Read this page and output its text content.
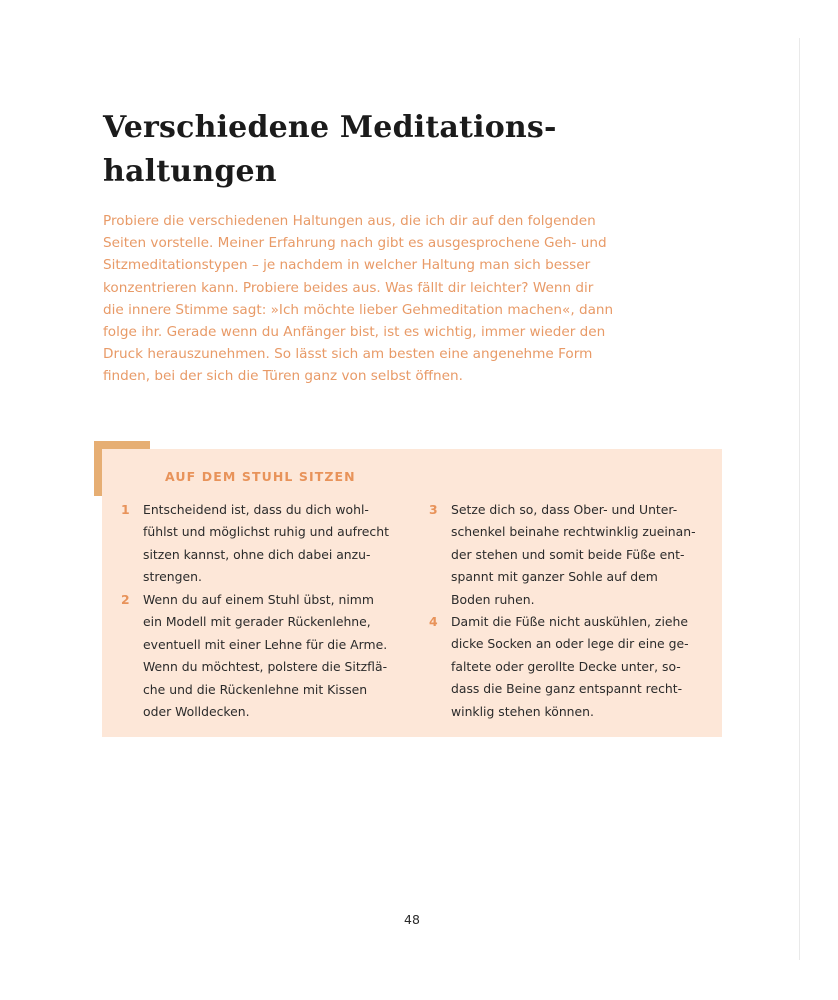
Verschiedene Meditations-
haltungen

Probiere die verschiedenen Haltungen aus, die ich dir auf den folgenden
Seiten vorstelle. Meiner Erfahrung nach gibt es ausgesprochene Geh- und
Sitzmeditationstypen – je nachdem in welcher Haltung man sich besser
konzentrieren kann. Probiere beides aus. Was fällt dir leichter? Wenn dir
die innere Stimme sagt: »Ich möchte lieber Gehmeditation machen«, dann
folge ihr. Gerade wenn du Anfänger bist, ist es wichtig, immer wieder den
Druck herauszunehmen. So lässt sich am besten eine angenehme Form
finden, bei der sich die Türen ganz von selbst öffnen.

AUF DEM STUHL SITZEN
1 Entscheidend ist, dass du dich wohl-
fühlst und möglichst ruhig und aufrecht
sitzen kannst, ohne dich dabei anzu-
strengen.
2 Wenn du auf einem Stuhl übst, nimm
ein Modell mit gerader Rückenlehne,
eventuell mit einer Lehne für die Arme.
Wenn du möchtest, polstere die Sitzflä-
che und die Rückenlehne mit Kissen
oder Wolldecken.
3 Setze dich so, dass Ober- und Unter-
schenkel beinahe rechtwinklig zueinan-
der stehen und somit beide Füße ent-
spannt mit ganzer Sohle auf dem
Boden ruhen.
4 Damit die Füße nicht auskühlen, ziehe
dicke Socken an oder lege dir eine ge-
faltete oder gerollte Decke unter, so-
dass die Beine ganz entspannt recht-
winklig stehen können.
48
